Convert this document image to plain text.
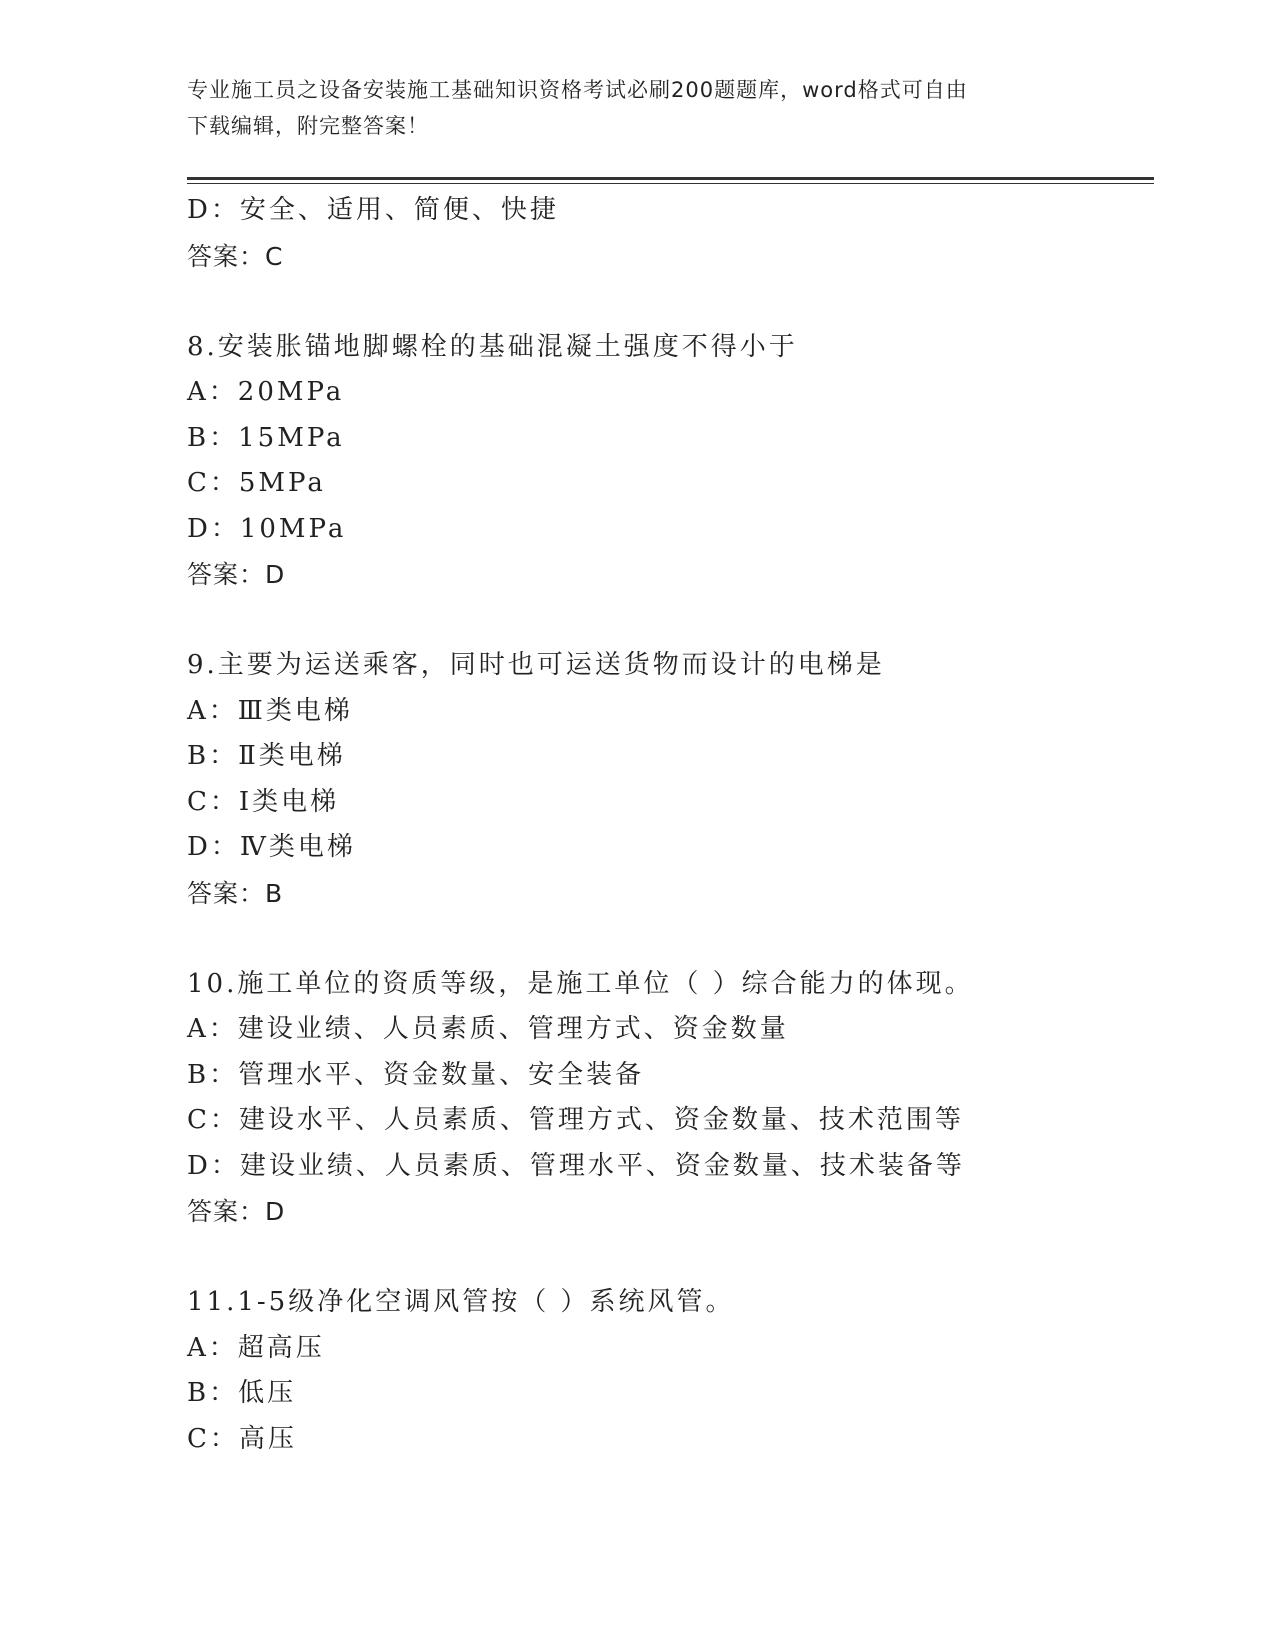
专业施工员之设备安装施工基础知识资格考试必刷200题题库，word格式可自由
下载编辑，附完整答案！
D：安全、适用、简便、快捷
答案：C
8.安装胀锚地脚螺栓的基础混凝土强度不得小于
A：20MPa
B：15MPa
C：5MPa
D：10MPa
答案：D
9.主要为运送乘客，同时也可运送货物而设计的电梯是
A：Ⅲ类电梯
B：Ⅱ类电梯
C：Ⅰ类电梯
D：Ⅳ类电梯
答案：B
10.施工单位的资质等级，是施工单位（ ）综合能力的体现。
A：建设业绩、人员素质、管理方式、资金数量
B：管理水平、资金数量、安全装备
C：建设水平、人员素质、管理方式、资金数量、技术范围等
D：建设业绩、人员素质、管理水平、资金数量、技术装备等
答案：D
11.1-5级净化空调风管按（ ）系统风管。
A：超高压
B：低压
C：高压
